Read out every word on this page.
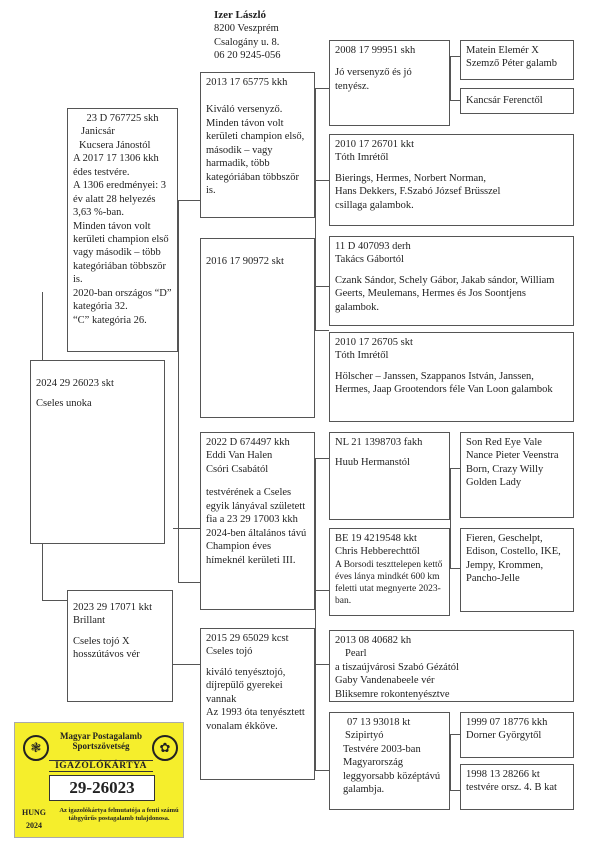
Izer László
8200 Veszprém
Csalogány u. 8.
06 20 9245-056

2024 29 26023 skt

Cseles unoka

23 D 767725 skh

Janicsár

Kucsera Jánostól

A 2017 17 1306 kkh édes testvére.

A 1306 eredményei: 3 év alatt 28 helyezés 3,63 %-ban.

Minden távon volt kerületi champion első vagy második – több kategóriában többször is.

2020-ban országos “D” kategória 32.

“C” kategória 26.

2023 29 17071 kkt

Brillant

Cseles tojó X hosszútávos vér

2013 17 65775 kkh

Kiváló versenyző. Minden távon volt kerületi champion első, második – vagy harmadik, több kategóriában többször is.

2016 17 90972 skt

2022 D 674497 kkh

Eddi Van Halen

Csóri Csabától

testvérének a Cseles egyik lányával született fia a 23 29 17003 kkh 2024-ben általános távú Champion éves hímeknél kerületi III.

2015 29 65029 kcst

Cseles tojó

kiváló tenyésztojó, díjrepülő gyerekei vannak

Az 1993 óta tenyésztett vonalam ékköve.

2008 17 99951 skh

Jó versenyző és jó tenyész.

2010 17 26701 kkt

Tóth Imrétől

Bierings, Hermes, Norbert Norman, Hans Dekkers, F.Szabó József Brüsszel csillaga galambok.

11 D 407093 derh

Takács Gábortól

Czank Sándor, Schely Gábor, Jakab sándor, William Geerts, Meulemans, Hermes és Jos Soontjens galambok.

2010 17 26705 skt

Tóth Imrétől

Hölscher – Janssen, Szappanos István, Janssen, Hermes, Jaap Grootendors féle Van Loon galambok

NL 21 1398703 fakh

Huub Hermanstól

BE 19 4219548 kkt

Chris Hebberechttől

A Borsodi teszttelepen kettő éves lánya mindkét 600 km feletti utat megnyerte 2023-ban.

2013 08 40682 kh

Pearl

a tiszaújvárosi Szabó Gézától

Gaby Vandenabeele vér

Bliksemre rokontenyésztve

07 13 93018 kt

Szipirtyó

Testvére 2003-ban Magyarország leggyorsabb középtávú galambja.

Matein Elemér X Szemző Péter galamb

Kancsár Ferenctől

Son Red Eye Vale Nance Pieter Veenstra Born, Crazy Willy Golden Lady

Fieren, Geschelpt, Edison, Costello, IKE, Jempy, Krommen, Pancho-Jelle

1999 07 18776 kkh Dorner Györgytől

1998 13 28266 kt testvére orsz. 4. B kat

❃	✿
Magyar Postagalamb Sportszövetség
IGAZOLÓKÁRTYA
29-26023
HUNG
2024
Az igazolókártya felmutatója a fenti számú tábgyűrűs postagalamb tulajdonosa.
